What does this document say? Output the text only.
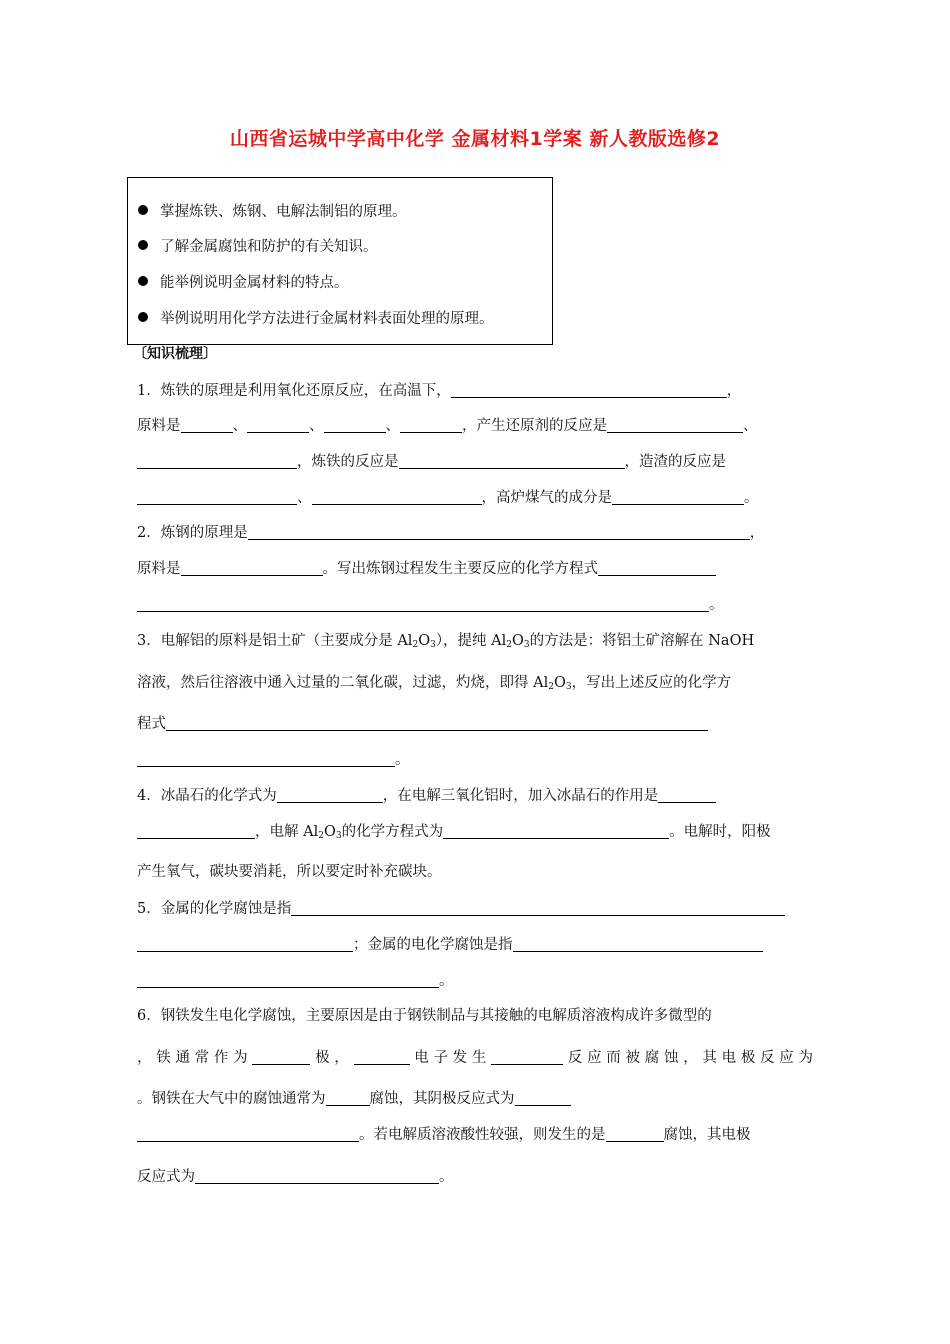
山西省运城中学高中化学 金属材料1学案 新人教版选修2
掌握炼铁、炼钢、电解法制铝的原理。
了解金属腐蚀和防护的有关知识。
能举例说明金属材料的特点。
举例说明用化学方法进行金属材料表面处理的原理。
〔知识梳理〕
1．炼铁的原理是利用氧化还原反应，在高温下，	，
原料是	、	、	、	，产生还原剂的反应是	、
，炼铁的反应是	，造渣的反应是
、	，高炉煤气的成分是	。
2．炼钢的原理是	，
原料是	。写出炼钢过程发生主要反应的化学方程式
。
3．电解铝的原料是铝土矿（主要成分是 $Al_2O_3$），提纯 $Al_2O_3$的方法是：将铝土矿溶解在 NaOH
溶液，然后往溶液中通入过量的二氧化碳，过滤，灼烧，即得 $Al_2O_3$，写出上述反应的化学方
程式
。
4．冰晶石的化学式为	，在电解三氧化铝时，加入冰晶石的作用是
，电解 $Al_2O_3$的化学方程式为	。电解时，阳极
产生氧气，碳块要消耗，所以要定时补充碳块。
5．金属的化学腐蚀是指
；金属的电化学腐蚀是指
。
6．钢铁发生电化学腐蚀，主要原因是由于钢铁制品与其接触的电解质溶液构成许多微型的
，铁通常作为	极，	电子发生	反应而被腐蚀，其电极反应为
。钢铁在大气中的腐蚀通常为	腐蚀，其阴极反应式为
。若电解质溶液酸性较强，则发生的是	腐蚀，其电极
反应式为	。
